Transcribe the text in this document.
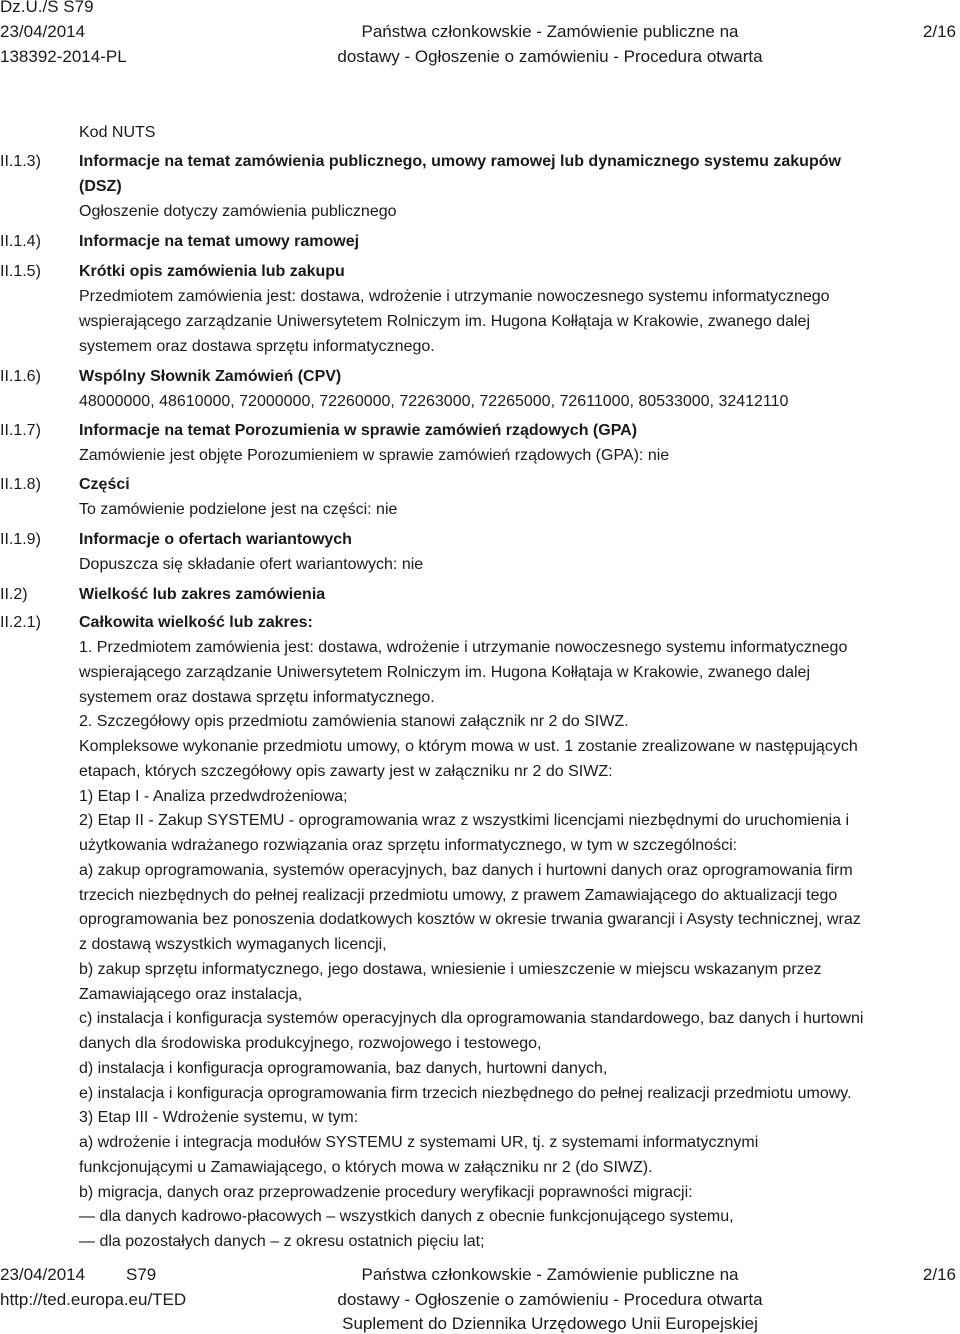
Dz.U./S S79
23/04/2014
138392-2014-PL
Państwa członkowskie - Zamówienie publiczne na
dostawy - Ogłoszenie o zamówieniu - Procedura otwarta
2/16
II.1.3)
II.1.4)
II.1.5)
II.1.6)
II.1.7)
II.1.8)
II.1.9)
II.2)
II.2.1)
Kod NUTS
Informacje na temat zamówienia publicznego, umowy ramowej lub dynamicznego systemu zakupów
(DSZ)
Ogłoszenie dotyczy zamówienia publicznego
Informacje na temat umowy ramowej
Krótki opis zamówienia lub zakupu
Przedmiotem zamówienia jest: dostawa, wdrożenie i utrzymanie nowoczesnego systemu informatycznego
wspierającego zarządzanie Uniwersytetem Rolniczym im. Hugona Kołłątaja w Krakowie, zwanego dalej
systemem oraz dostawa sprzętu informatycznego.
Wspólny Słownik Zamówień (CPV)
48000000, 48610000, 72000000, 72260000, 72263000, 72265000, 72611000, 80533000, 32412110
Informacje na temat Porozumienia w sprawie zamówień rządowych (GPA)
Zamówienie jest objęte Porozumieniem w sprawie zamówień rządowych (GPA): nie
Części
To zamówienie podzielone jest na części: nie
Informacje o ofertach wariantowych
Dopuszcza się składanie ofert wariantowych: nie
Wielkość lub zakres zamówienia
Całkowita wielkość lub zakres:
1. Przedmiotem zamówienia jest: dostawa, wdrożenie i utrzymanie nowoczesnego systemu informatycznego
wspierającego zarządzanie Uniwersytetem Rolniczym im. Hugona Kołłątaja w Krakowie, zwanego dalej
systemem oraz dostawa sprzętu informatycznego.
2. Szczegółowy opis przedmiotu zamówienia stanowi załącznik nr 2 do SIWZ.
Kompleksowe wykonanie przedmiotu umowy, o którym mowa w ust. 1 zostanie zrealizowane w następujących
etapach, których szczegółowy opis zawarty jest w załączniku nr 2 do SIWZ:
1) Etap I - Analiza przedwdrożeniowa;
2) Etap II - Zakup SYSTEMU - oprogramowania wraz z wszystkimi licencjami niezbędnymi do uruchomienia i
użytkowania wdrażanego rozwiązania oraz sprzętu informatycznego, w tym w szczególności:
a) zakup oprogramowania, systemów operacyjnych, baz danych i hurtowni danych oraz oprogramowania firm
trzecich niezbędnych do pełnej realizacji przedmiotu umowy, z prawem Zamawiającego do aktualizacji tego
oprogramowania bez ponoszenia dodatkowych kosztów w okresie trwania gwarancji i Asysty technicznej, wraz
z dostawą wszystkich wymaganych licencji,
b) zakup sprzętu informatycznego, jego dostawa, wniesienie i umieszczenie w miejscu wskazanym przez
Zamawiającego oraz instalacja,
c) instalacja i konfiguracja systemów operacyjnych dla oprogramowania standardowego, baz danych i hurtowni
danych dla środowiska produkcyjnego, rozwojowego i testowego,
d) instalacja i konfiguracja oprogramowania, baz danych, hurtowni danych,
e) instalacja i konfiguracja oprogramowania firm trzecich niezbędnego do pełnej realizacji przedmiotu umowy.
3) Etap III - Wdrożenie systemu, w tym:
a) wdrożenie i integracja modułów SYSTEMU z systemami UR, tj. z systemami informatycznymi
funkcjonującymi u Zamawiającego, o których mowa w załączniku nr 2 (do SIWZ).
b) migracja, danych oraz przeprowadzenie procedury weryfikacji poprawności migracji:
— dla danych kadrowo-płacowych – wszystkich danych z obecnie funkcjonującego systemu,
— dla pozostałych danych – z okresu ostatnich pięciu lat;
23/04/2014 S79
http://ted.europa.eu/TED
Państwa członkowskie - Zamówienie publiczne na
dostawy - Ogłoszenie o zamówieniu - Procedura otwarta
Suplement do Dziennika Urzędowego Unii Europejskiej
2/16
